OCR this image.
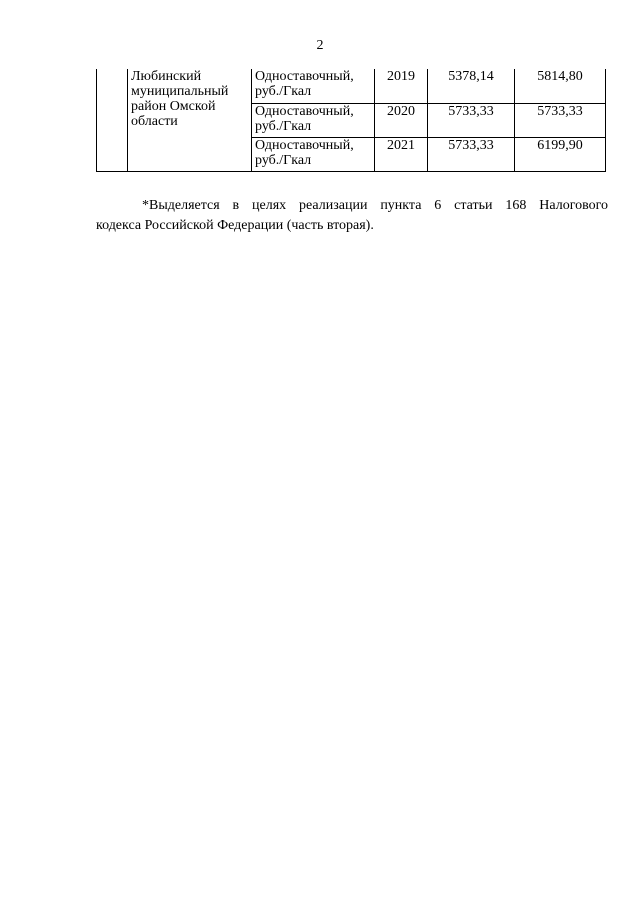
2
	Любинский муниципальный район Омской области	Одноставочный, руб./Гкал	2019	5378,14	5814,80
		Одноставочный, руб./Гкал	2020	5733,33	5733,33
		Одноставочный, руб./Гкал	2021	5733,33	6199,90
*Выделяется в целях реализации пункта 6 статьи 168 Налогового
кодекса Российской Федерации (часть вторая).
